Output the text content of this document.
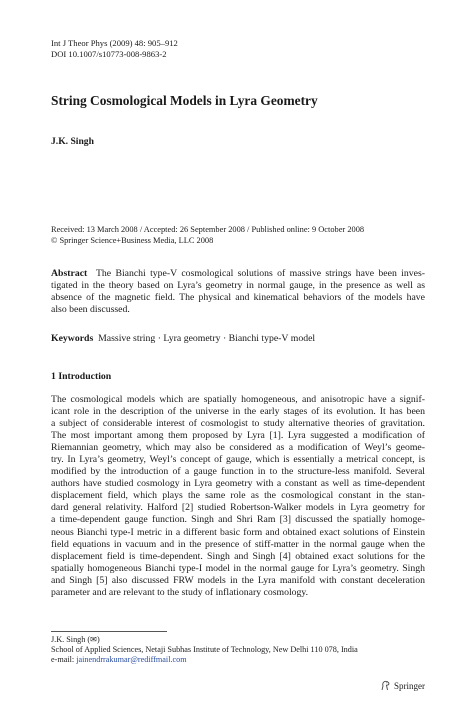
Int J Theor Phys (2009) 48: 905–912
DOI 10.1007/s10773-008-9863-2
String Cosmological Models in Lyra Geometry
J.K. Singh
Received: 13 March 2008 / Accepted: 26 September 2008 / Published online: 9 October 2008
© Springer Science+Business Media, LLC 2008
Abstract The Bianchi type-V cosmological solutions of massive strings have been inves-
tigated in the theory based on Lyra’s geometry in normal gauge, in the presence as well as
absence of the magnetic field. The physical and kinematical behaviors of the models have
also been discussed.
Keywords Massive string · Lyra geometry · Bianchi type-V model
1 Introduction
The cosmological models which are spatially homogeneous, and anisotropic have a signif-
icant role in the description of the universe in the early stages of its evolution. It has been
a subject of considerable interest of cosmologist to study alternative theories of gravitation.
The most important among them proposed by Lyra [1]. Lyra suggested a modification of
Riemannian geometry, which may also be considered as a modification of Weyl’s geome-
try. In Lyra’s geometry, Weyl’s concept of gauge, which is essentially a metrical concept, is
modified by the introduction of a gauge function in to the structure-less manifold. Several
authors have studied cosmology in Lyra geometry with a constant as well as time-dependent
displacement field, which plays the same role as the cosmological constant in the stan-
dard general relativity. Halford [2] studied Robertson-Walker models in Lyra geometry for
a time-dependent gauge function. Singh and Shri Ram [3] discussed the spatially homoge-
neous Bianchi type-I metric in a different basic form and obtained exact solutions of Einstein
field equations in vacuum and in the presence of stiff-matter in the normal gauge when the
displacement field is time-dependent. Singh and Singh [4] obtained exact solutions for the
spatially homogeneous Bianchi type-I model in the normal gauge for Lyra’s geometry. Singh
and Singh [5] also discussed FRW models in the Lyra manifold with constant deceleration
parameter and are relevant to the study of inflationary cosmology.
J.K. Singh (✉)
School of Applied Sciences, Netaji Subhas Institute of Technology, New Delhi 110 078, India
e-mail: jainendrrakumar@rediffmail.com
Springer
